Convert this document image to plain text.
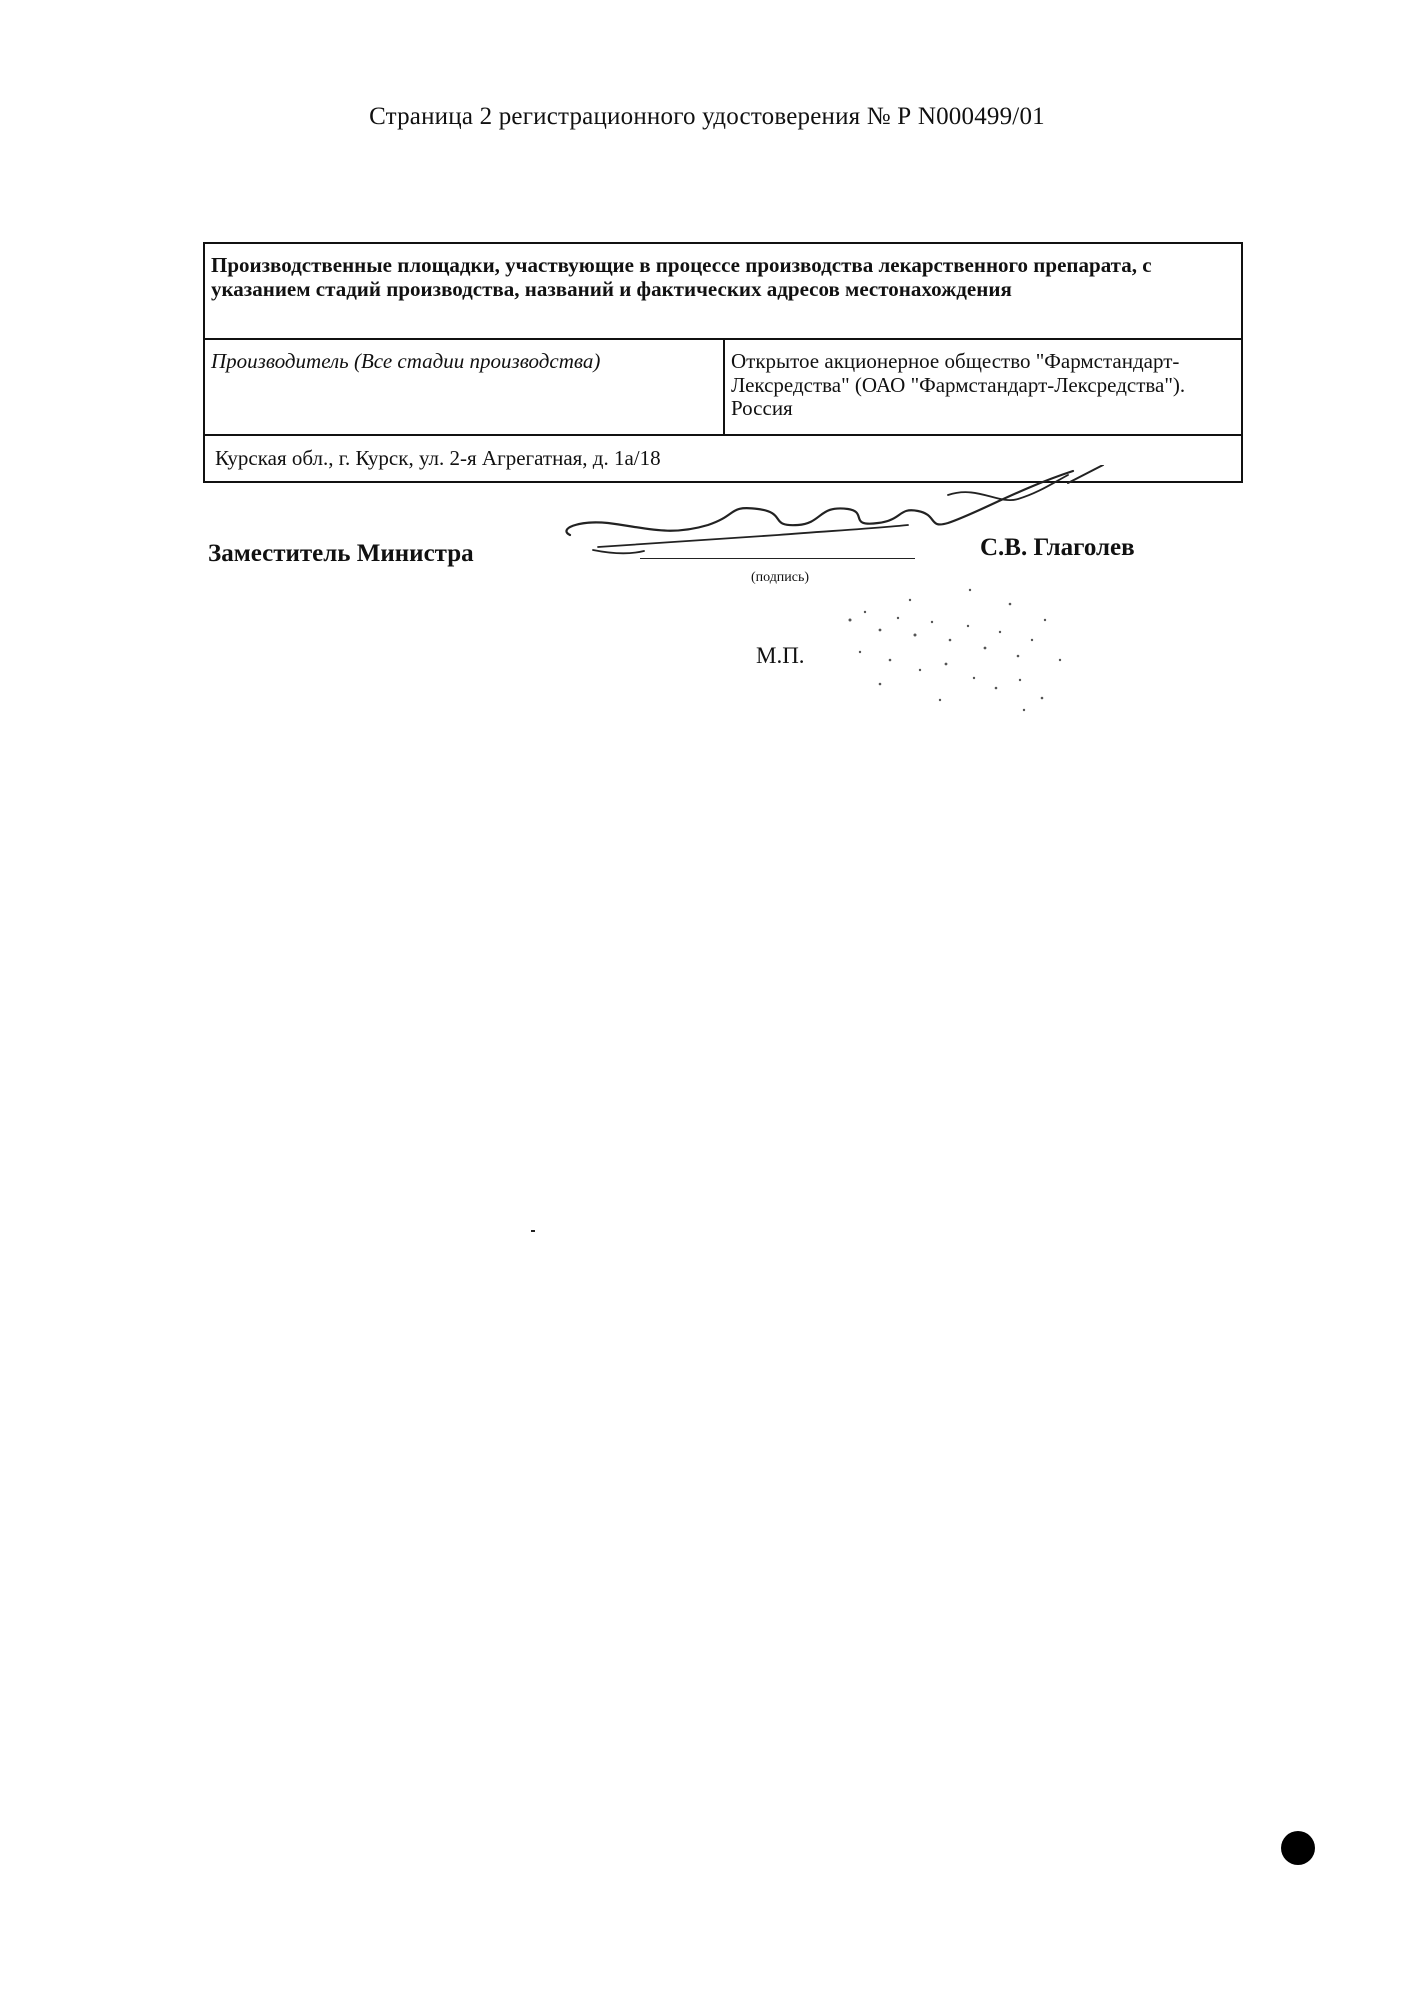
Страница 2 регистрационного удостоверения № Р N000499/01
Производственные площадки, участвующие в процессе производства лекарственного препарата, с указанием стадий производства, названий и фактических адресов местонахождения
Производитель (Все стадии производства)	Открытое акционерное общество "Фармстандарт-Лексредства" (ОАО "Фармстандарт-Лексредства"). Россия
Курская обл., г. Курск, ул. 2-я Агрегатная, д. 1а/18
Заместитель Министра
(подпись)
С.В. Глаголев
М.П.
